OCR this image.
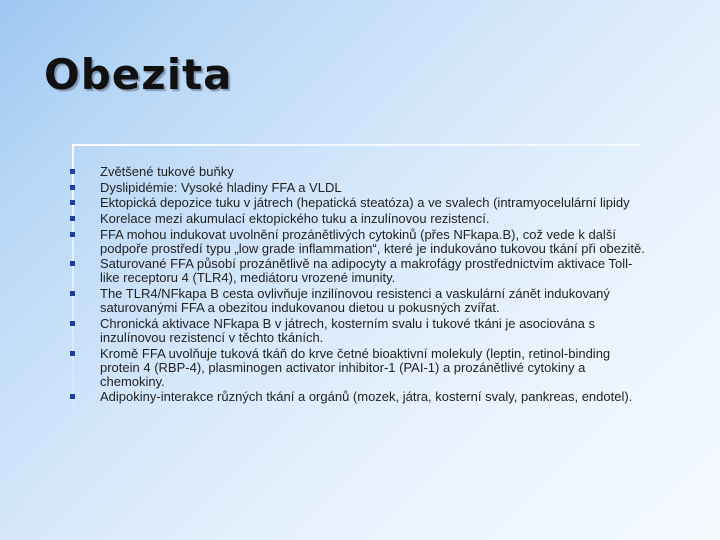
Obezita
Zvětšené tukové buňky
Dyslipidémie: Vysoké hladiny FFA a VLDL
Ektopická depozice tuku v játrech (hepatická steatóza) a ve svalech (intramyocelulární lipidy
Korelace mezi akumulací ektopického tuku a inzulínovou rezistencí.
FFA mohou indukovat uvolnění prozánětlivých cytokinů (přes NFkapa.B), což vede k další
podpoře prostředí typu „low grade inflammation“, které je indukováno tukovou tkání při obezitě.
Saturované FFA působí prozánětlivě na adipocyty a makrofágy prostřednictvím aktivace Toll-
like receptoru 4 (TLR4), mediátoru vrozené imunity.
The TLR4/NFkapa B cesta ovlivňuje inzilínovou resistenci a vaskulární zánět indukovaný
saturovanými FFA a obezitou indukovanou dietou u pokusných zvířat.
Chronická aktivace NFkapa B v játrech, kosterním svalu i tukové tkáni je asociována s
inzulínovou rezistencí v těchto tkáních.
Kromě FFA uvolňuje tuková tkáň do krve četné bioaktivní molekuly (leptin, retinol-binding
protein 4 (RBP-4), plasminogen activator inhibitor-1 (PAI-1) a prozánětlivé cytokiny a
chemokiny.
Adipokiny-interakce různých tkání a orgánů (mozek, játra, kosterní svaly, pankreas, endotel).
